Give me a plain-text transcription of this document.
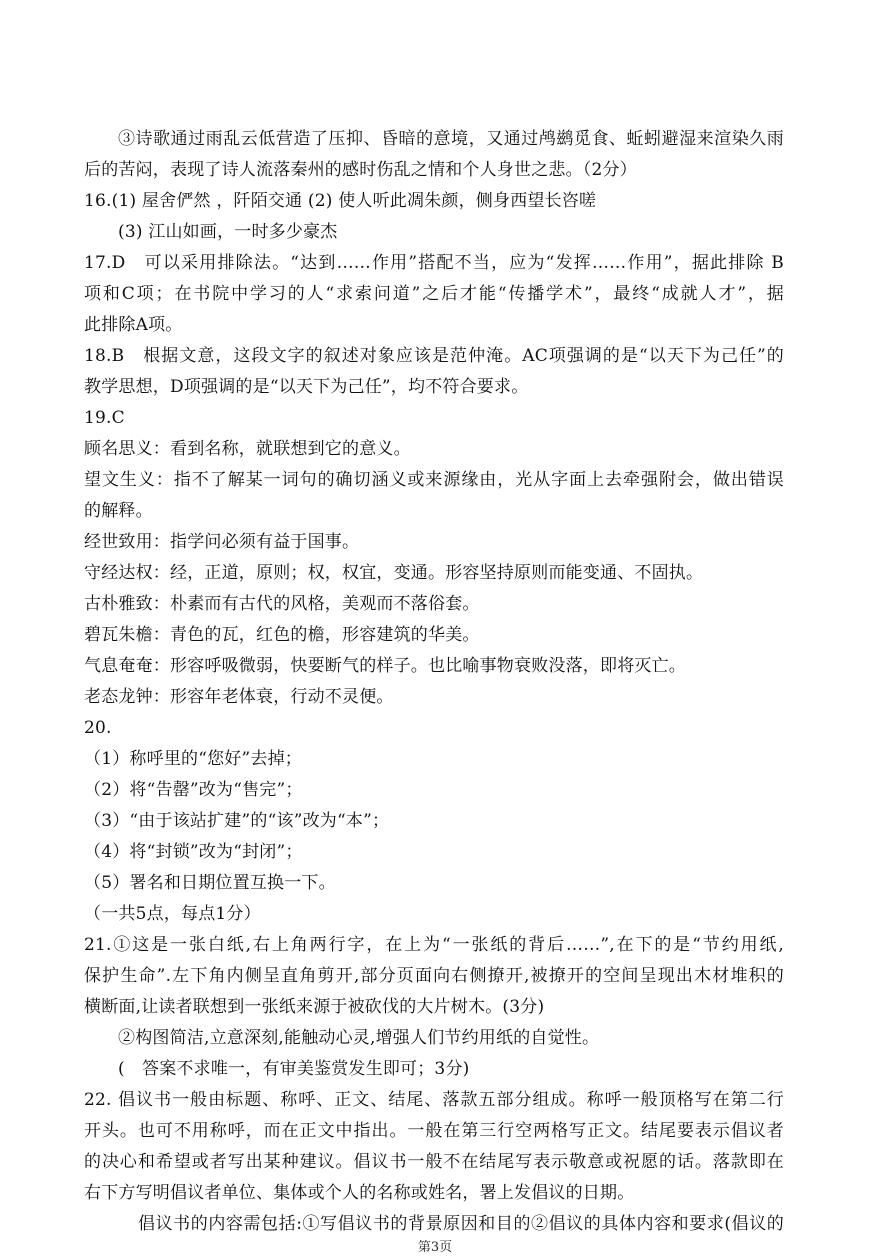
③诗歌通过雨乱云低营造了压抑、昏暗的意境，又通过鸬鹚觅食、蚯蚓避湿来渲染久雨
后的苦闷，表现了诗人流落秦州的感时伤乱之情和个人身世之悲。（2分）
16.(1) 屋舍俨然 ，阡陌交通 (2) 使人听此凋朱颜，侧身西望长咨嗟
(3) 江山如画，一时多少豪杰
17.D　可以采用排除法。“达到……作用”搭配不当，应为“发挥……作用”，据此排除 B
项和C项；在书院中学习的人“求索问道”之后才能“传播学术”，最终“成就人才”，据
此排除A项。
18.B　根据文意，这段文字的叙述对象应该是范仲淹。AC项强调的是“以天下为己任”的
教学思想，D项强调的是“以天下为己任”，均不符合要求。
19.C
顾名思义：看到名称，就联想到它的意义。
望文生义：指不了解某一词句的确切涵义或来源缘由，光从字面上去牵强附会，做出错误
的解释。
经世致用：指学问必须有益于国事。
守经达权：经，正道，原则；权，权宜，变通。形容坚持原则而能变通、不固执。
古朴雅致：朴素而有古代的风格，美观而不落俗套。
碧瓦朱檐：青色的瓦，红色的檐，形容建筑的华美。
气息奄奄：形容呼吸微弱，快要断气的样子。也比喻事物衰败没落，即将灭亡。
老态龙钟：形容年老体衰，行动不灵便。
20.
（1）称呼里的“您好”去掉；
（2）将“告罄”改为“售完”；
（3）“由于该站扩建”的“该”改为“本”；
（4）将“封锁”改为“封闭”；
（5）署名和日期位置互换一下。
（一共5点，每点1分）
21.①这是一张白纸,右上角两行字，在上为“一张纸的背后……”,在下的是“节约用纸,
保护生命”.左下角内侧呈直角剪开,部分页面向右侧撩开,被撩开的空间呈现出木材堆积的
横断面,让读者联想到一张纸来源于被砍伐的大片树木。(3分)
②构图简洁,立意深刻,能触动心灵,增强人们节约用纸的自觉性。
(　答案不求唯一，有审美鉴赏发生即可；3分)
22. 倡议书一般由标题、称呼、正文、结尾、落款五部分组成。称呼一般顶格写在第二行
开头。也可不用称呼，而在正文中指出。一般在第三行空两格写正文。结尾要表示倡议者
的决心和希望或者写出某种建议。倡议书一般不在结尾写表示敬意或祝愿的话。落款即在
右下方写明倡议者单位、集体或个人的名称或姓名，署上发倡议的日期。
倡议书的内容需包括:①写倡议书的背景原因和目的②倡议的具体内容和要求(倡议的
第3页
